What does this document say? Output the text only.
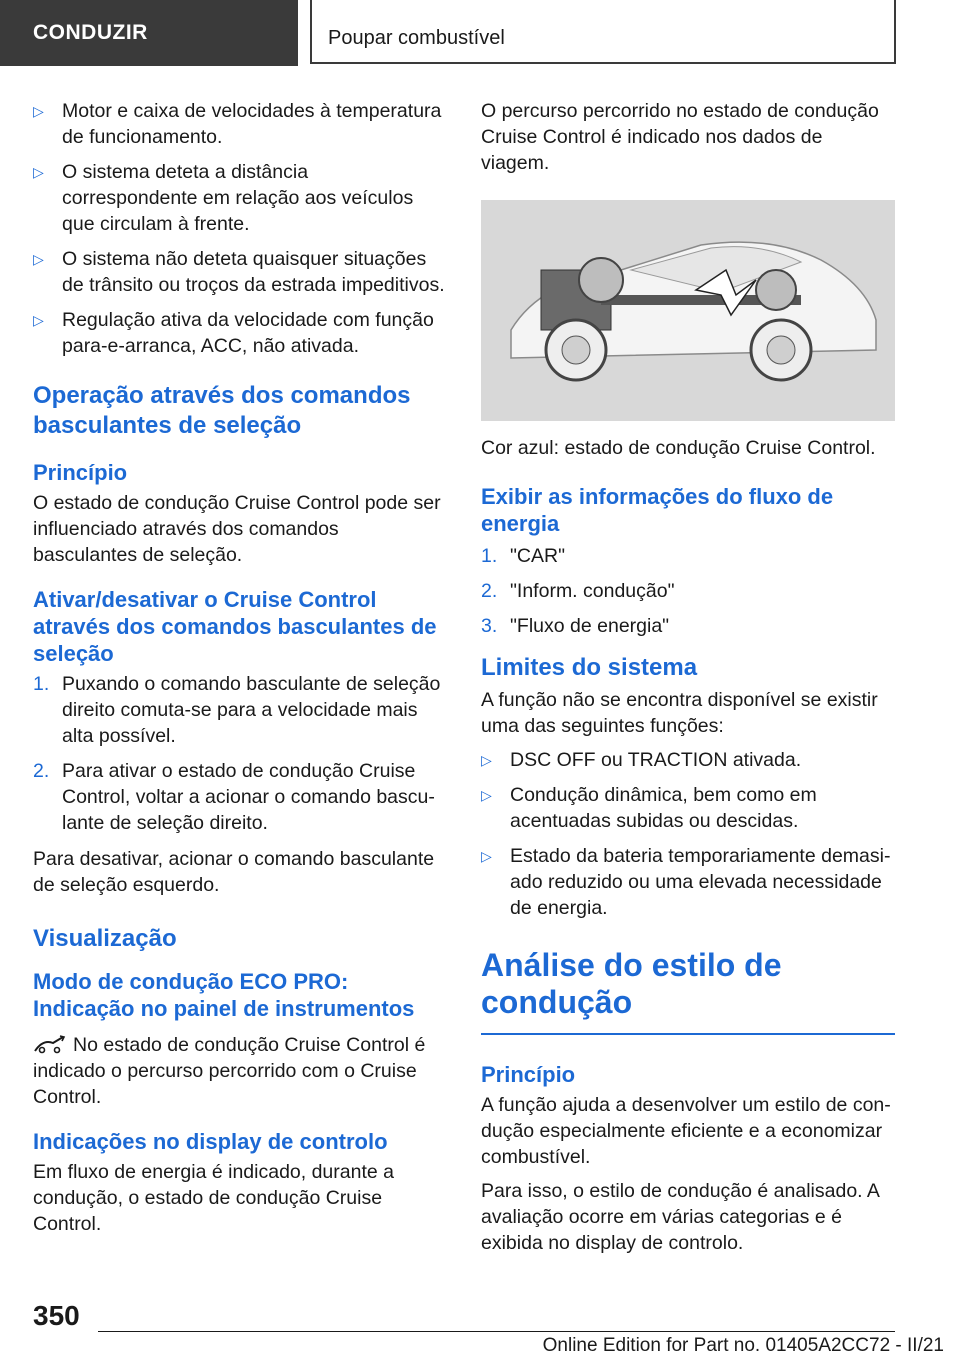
CONDUZIR	Poupar combustível
▷ Motor e caixa de velocidades à temperatura de funcionamento.
▷ O sistema deteta a distância correspondente em relação aos veículos que circulam à frente.
▷ O sistema não deteta quaisquer situações de trânsito ou troços da estrada impeditivos.
▷ Regulação ativa da velocidade com função para-e-arranca, ACC, não ativada.
Operação através dos comandos basculantes de seleção
Princípio

O estado de condução Cruise Control pode ser influenciado através dos comandos basculantes de seleção.

Ativar/desativar o Cruise Control através dos comandos basculantes de seleção
1. Puxando o comando basculante de seleção direito comuta-se para a velocidade mais alta possível.
2. Para ativar o estado de condução Cruise Control, voltar a acionar o comando basculante de seleção direito.

Para desativar, acionar o comando basculante de seleção esquerdo.

Visualização
Modo de condução ECO PRO: Indicação no painel de instrumentos

No estado de condução Cruise Control é indicado o percurso percorrido com o Cruise Control.

Indicações no display de controlo

Em fluxo de energia é indicado, durante a condução, o estado de condução Cruise Control.

O percurso percorrido no estado de condução Cruise Control é indicado nos dados de viagem.

Cor azul: estado de condução Cruise Control.

Exibir as informações do fluxo de energia
1. "CAR"
2. "Inform. condução"
3. "Fluxo de energia"
Limites do sistema

A função não se encontra disponível se existir uma das seguintes funções:

▷ DSC OFF ou TRACTION ativada.
▷ Condução dinâmica, bem como em acentuadas subidas ou descidas.
▷ Estado da bateria temporariamente demasiado reduzido ou uma elevada necessidade de energia.
Análise do estilo de condução
Princípio

A função ajuda a desenvolver um estilo de condução especialmente eficiente e a economizar combustível.

Para isso, o estilo de condução é analisado. A avaliação ocorre em várias categorias e é exibida no display de controlo.

350
Online Edition for Part no. 01405A2CC72 - II/21
